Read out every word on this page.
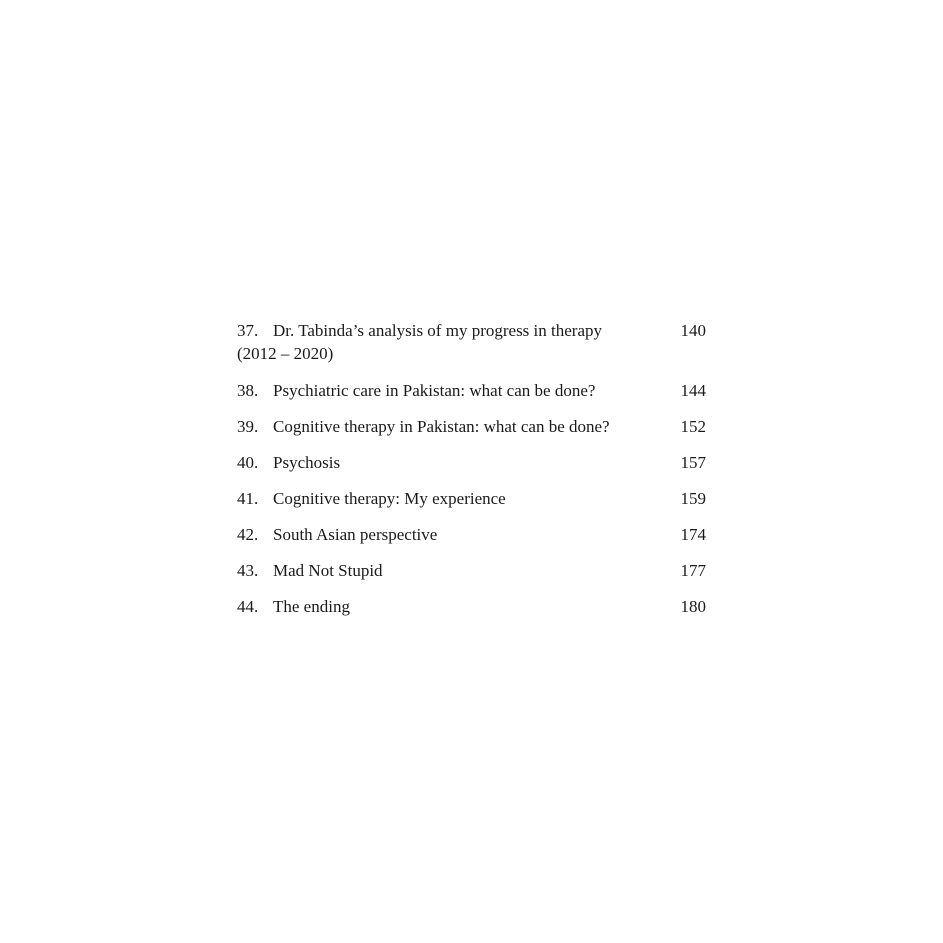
37. Dr. Tabinda’s analysis of my progress in therapy	140
(2012 – 2020)
38. Psychiatric care in Pakistan: what can be done?	144
39. Cognitive therapy in Pakistan: what can be done?	152
40. Psychosis	157
41. Cognitive therapy: My experience	159
42. South Asian perspective	174
43. Mad Not Stupid	177
44. The ending	180
